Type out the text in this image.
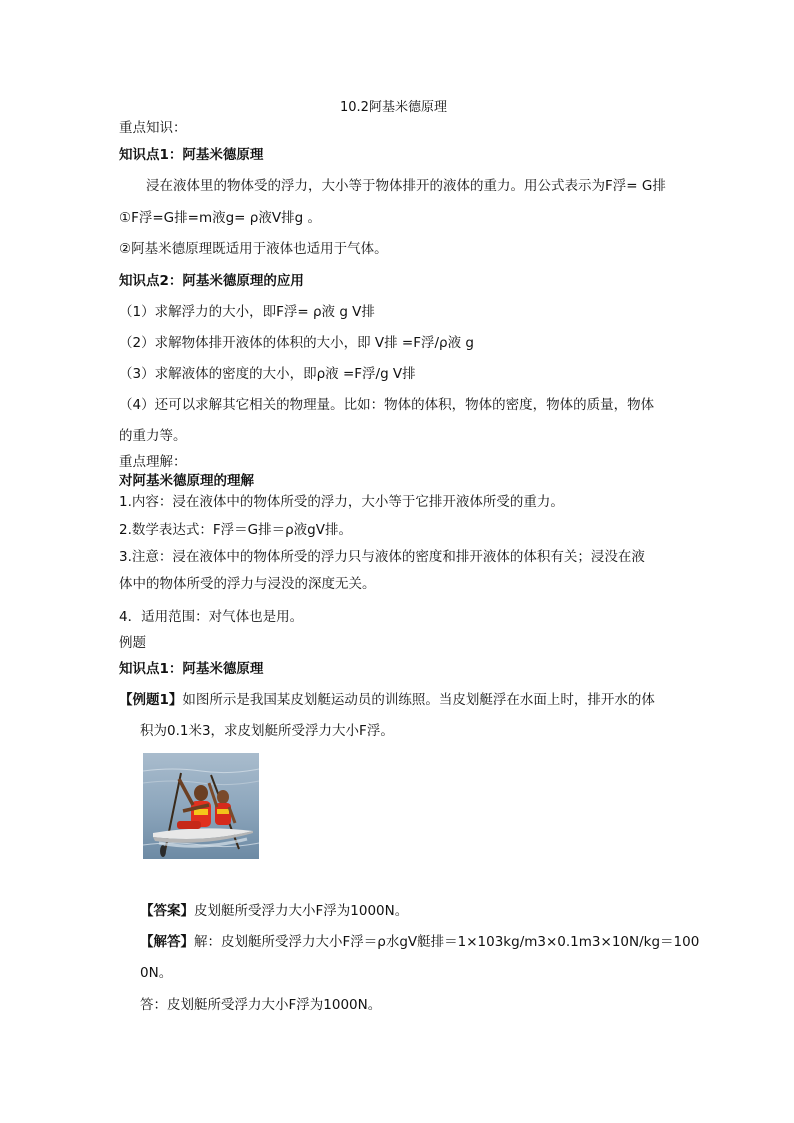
10.2阿基米德原理
重点知识：
知识点1：阿基米德原理
浸在液体里的物体受的浮力，大小等于物体排开的液体的重力。用公式表示为F浮= G排
①F浮=G排=m液g= ρ液V排g 。
②阿基米德原理既适用于液体也适用于气体。
知识点2：阿基米德原理的应用
（1）求解浮力的大小，即F浮= ρ液 g V排
（2）求解物体排开液体的体积的大小，即 V排 =F浮/ρ液 g
（3）求解液体的密度的大小，即ρ液 =F浮/g V排
（4）还可以求解其它相关的物理量。比如：物体的体积，物体的密度，物体的质量，物体
的重力等。
重点理解：
对阿基米德原理的理解
1.内容：浸在液体中的物体所受的浮力，大小等于它排开液体所受的重力。
2.数学表达式：F浮＝G排＝ρ液gV排。
3.注意：浸在液体中的物体所受的浮力只与液体的密度和排开液体的体积有关；浸没在液
体中的物体所受的浮力与浸没的深度无关。
4．适用范围：对气体也是用。
例题
知识点1：阿基米德原理
【例题1】如图所示是我国某皮划艇运动员的训练照。当皮划艇浮在水面上时，排开水的体
积为0.1米3，求皮划艇所受浮力大小F浮。
【答案】皮划艇所受浮力大小F浮为1000N。
【解答】解：皮划艇所受浮力大小F浮＝ρ水gV艇排＝1×103kg/m3×0.1m3×10N/kg＝100
0N。
答：皮划艇所受浮力大小F浮为1000N。
